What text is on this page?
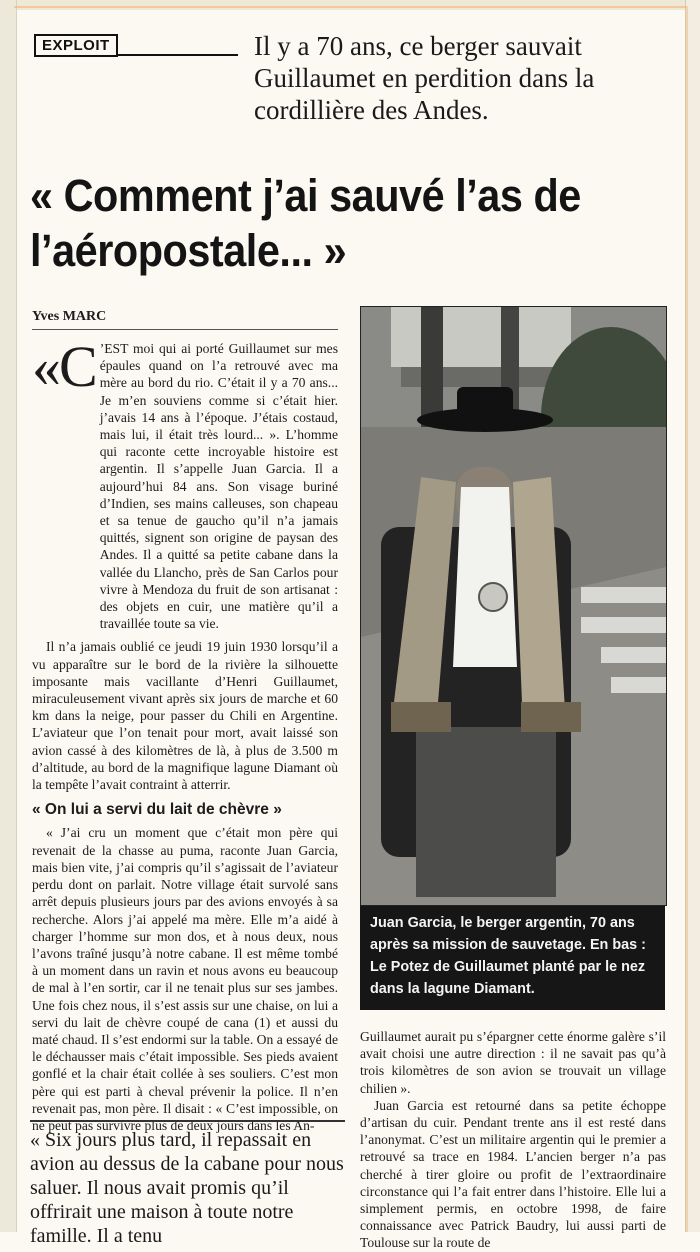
EXPLOIT	Il y a 70 ans, ce berger sauvait Guillaumet en perdition dans la cordillière des Andes.
« Comment j’ai sauvé l’as de l’aéropostale... »
Yves MARC
«C ’EST moi qui ai porté Guillaumet sur mes épaules quand on l’a retrouvé avec ma mère au bord du rio. C’était il y a 70 ans... Je m’en souviens comme si c’était hier. j’avais 14 ans à l’époque. J’étais costaud, mais lui, il était très lourd... ». L’homme qui raconte cette incroyable histoire est argentin. Il s’appelle Juan Garcia. Il a aujourd’hui 84 ans. Son visage buriné d’Indien, ses mains calleuses, son chapeau et sa tenue de gaucho qu’il n’a jamais quittés, signent son origine de paysan des Andes. Il a quitté sa petite cabane dans la vallée du Llancho, près de San Carlos pour vivre à Mendoza du fruit de son artisanat : des objets en cuir, une matière qu’il a travaillée toute sa vie.

Il n’a jamais oublié ce jeudi 19 juin 1930 lorsqu’il a vu apparaître sur le bord de la rivière la silhouette imposante mais vacillante d’Henri Guillaumet, miraculeusement vivant après six jours de marche et 60 km dans la neige, pour passer du Chili en Argentine. L’aviateur que l’on tenait pour mort, avait laissé son avion cassé à des kilomètres de là, à plus de 3.500 m d’altitude, au bord de la magnifique lagune Diamant où la tempête l’avait contraint à atterrir.

« On lui a servi du lait de chèvre »

« J’ai cru un moment que c’était mon père qui revenait de la chasse au puma, raconte Juan Garcia, mais bien vite, j’ai compris qu’il s’agissait de l’aviateur perdu dont on parlait. Notre village était survolé sans arrêt depuis plusieurs jours par des avions envoyés à sa recherche. Alors j’ai appelé ma mère. Elle m’a aidé à charger l’homme sur mon dos, et à nous deux, nous l’avons traîné jusqu’à notre cabane. Il est même tombé à un moment dans un ravin et nous avons eu beaucoup de mal à l’en sortir, car il ne tenait plus sur ses jambes. Une fois chez nous, il s’est assis sur une chaise, on lui a servi du lait de chèvre coupé de cana (1) et aussi du maté chaud. Il s’est endormi sur la table. On a essayé de le déchausser mais c’était impossible. Ses pieds avaient gonflé et la chair était collée à ses souliers. C’est mon père qui est parti à cheval prévenir la police. Il n’en revenait pas, mon père. Il disait : « C’est impossible, on ne peut pas survivre plus de deux jours dans les An-

Juan Garcia, le berger argentin, 70 ans après sa mission de sauvetage. En bas : Le Potez de Guillaumet planté par le nez dans la lagune Diamant.

Guillaumet aurait pu s’épargner cette énorme galère s’il avait choisi une autre direction : il ne savait pas qu’à trois kilomètres de son avion se trouvait un village chilien ».

Juan Garcia est retourné dans sa petite échoppe d’artisan du cuir. Pendant trente ans il est resté dans l’anonymat. C’est un militaire argentin qui le premier a retrouvé sa trace en 1984. L’ancien berger n’a pas cherché à tirer gloire ou profit de l’extraordinaire circonstance qui l’a fait entrer dans l’histoire. Elle lui a simplement permis, en octobre 1998, de faire connaissance avec Patrick Baudry, lui aussi parti de Toulouse sur la route de

« Six jours plus tard, il repassait en avion au dessus de la cabane pour nous saluer. Il nous avait promis qu’il offrirait une maison à toute notre famille. Il a tenu
